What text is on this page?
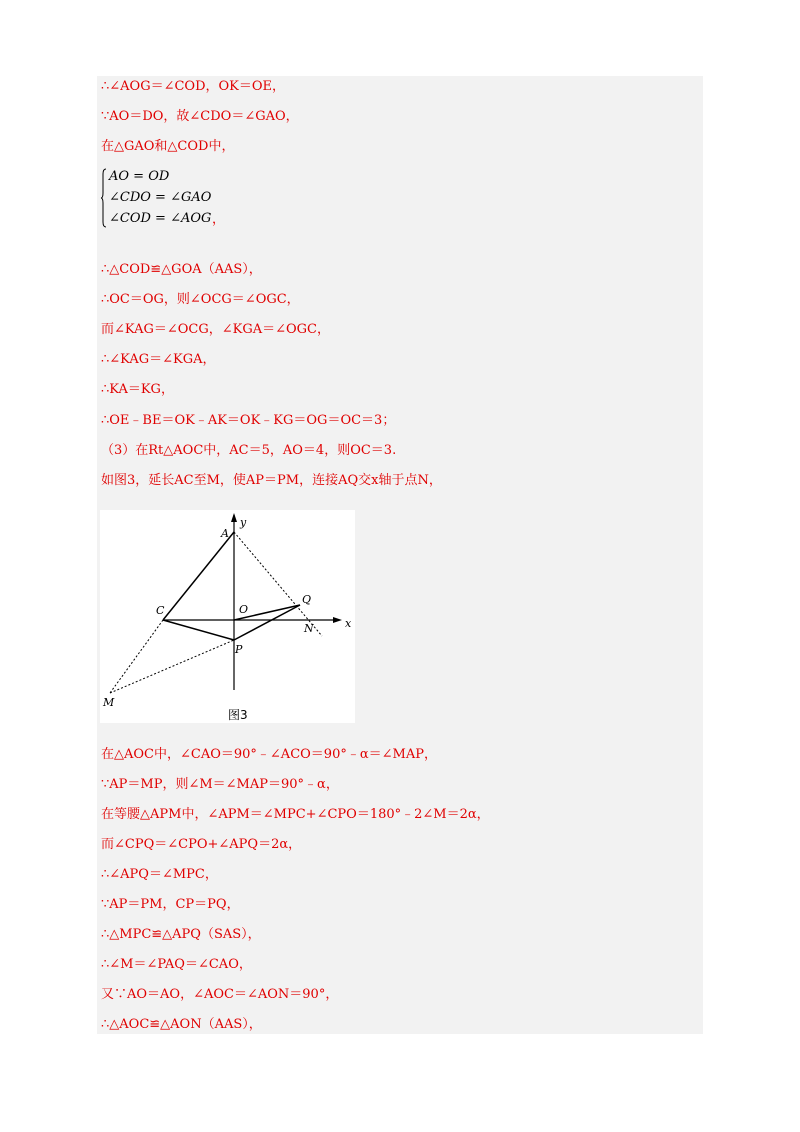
∴∠AOG＝∠COD，OK＝OE，
∵AO＝DO，故∠CDO＝∠GAO，
在△GAO和△COD中，
AO = OD
∠CDO = ∠GAO
∠COD = ∠AOG ，
∴△COD≌△GOA（AAS），
∴OC＝OG，则∠OCG＝∠OGC，
而∠KAG＝∠OCG，∠KGA＝∠OGC，
∴∠KAG＝∠KGA，
∴KA＝KG，
∴OE﹣BE＝OK﹣AK＝OK﹣KG＝OG＝OC＝3；
（3）在Rt△AOC中，AC＝5，AO＝4，则OC＝3.
如图3，延长AC至M，使AP＝PM，连接AQ交x轴于点N，
y
x
A
O
Q
C
N
P
M
图3
在△AOC中，∠CAO＝90°﹣∠ACO＝90°﹣α＝∠MAP，
∵AP＝MP，则∠M＝∠MAP＝90°﹣α，
在等腰△APM中，∠APM＝∠MPC+∠CPO＝180°﹣2∠M＝2α，
而∠CPQ＝∠CPO+∠APQ＝2α，
∴∠APQ＝∠MPC，
∵AP＝PM，CP＝PQ，
∴△MPC≌△APQ（SAS），
∴∠M＝∠PAQ＝∠CAO，
又∵AO＝AO，∠AOC＝∠AON＝90°，
∴△AOC≌△AON（AAS），
